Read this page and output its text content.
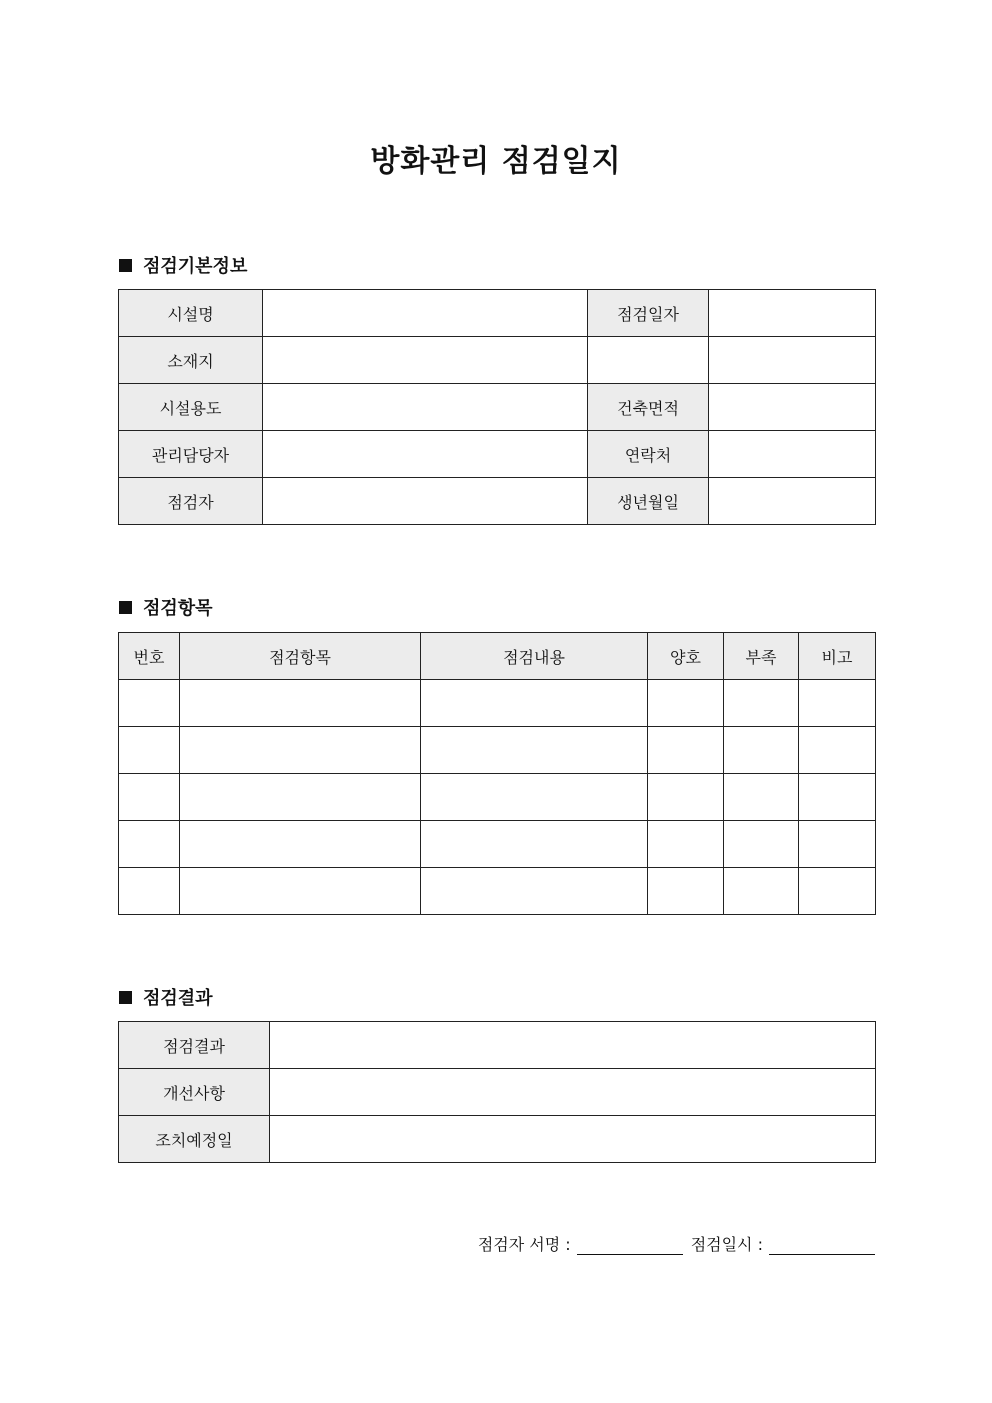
방화관리 점검일지
점검기본정보
시설명		점검일자	
소재지			
시설용도		건축면적	
관리담당자		연락처	
점검자		생년월일	
점검항목
번호	점검항목	점검내용	양호	부족	비고

점검결과
점검결과	
개선사항	
조치예정일	
점검자 서명 :	점검일시 :
